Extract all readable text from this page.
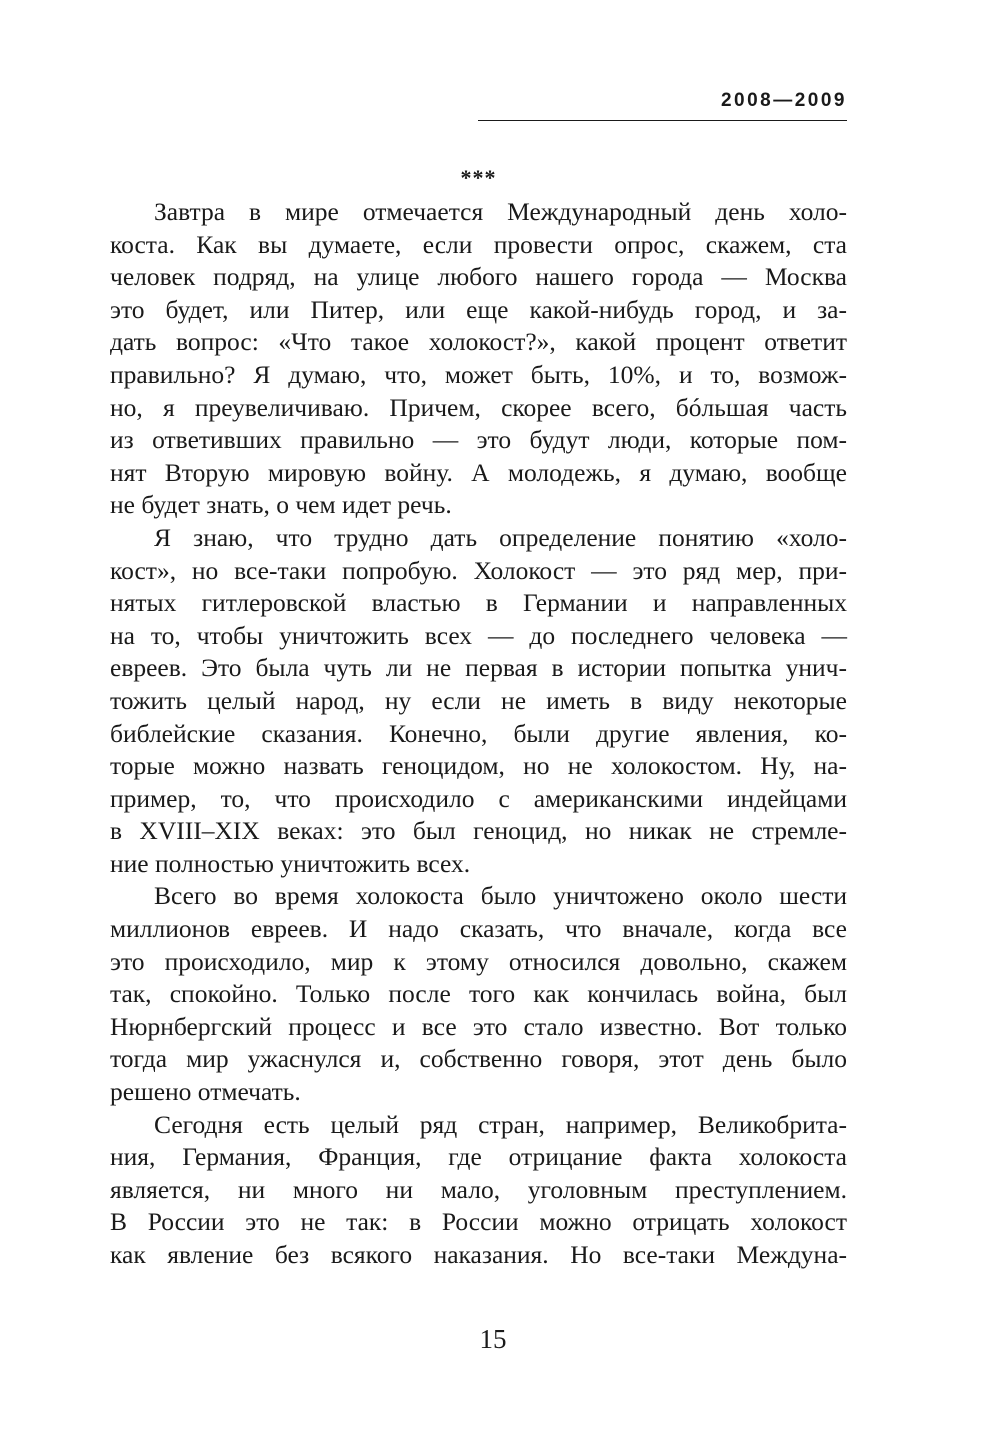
2008—2009
***
Завтра в мире отмечается Международный день холо-
коста. Как вы думаете, если провести опрос, скажем, ста
человек подряд, на улице любого нашего города — Москва
это будет, или Питер, или еще какой-нибудь город, и за-
дать вопрос: «Что такое холокост?», какой процент ответит
правильно? Я думаю, что, может быть, 10%, и то, возмож-
но, я преувеличиваю. Причем, скорее всего, бóльшая часть
из ответивших правильно — это будут люди, которые пом-
нят Вторую мировую войну. А молодежь, я думаю, вообще
не будет знать, о чем идет речь.
Я знаю, что трудно дать определение понятию «холо-
кост», но все-таки попробую. Холокост — это ряд мер, при-
нятых гитлеровской властью в Германии и направленных
на то, чтобы уничтожить всех — до последнего человека —
евреев. Это была чуть ли не первая в истории попытка унич-
тожить целый народ, ну если не иметь в виду некоторые
библейские сказания. Конечно, были другие явления, ко-
торые можно назвать геноцидом, но не холокостом. Ну, на-
пример, то, что происходило с американскими индейцами
в XVIII–XIX веках: это был геноцид, но никак не стремле-
ние полностью уничтожить всех.
Всего во время холокоста было уничтожено около шести
миллионов евреев. И надо сказать, что вначале, когда все
это происходило, мир к этому относился довольно, скажем
так, спокойно. Только после того как кончилась война, был
Нюрнбергский процесс и все это стало известно. Вот только
тогда мир ужаснулся и, собственно говоря, этот день было
решено отмечать.
Сегодня есть целый ряд стран, например, Великобрита-
ния, Германия, Франция, где отрицание факта холокоста
является, ни много ни мало, уголовным преступлением.
В России это не так: в России можно отрицать холокост
как явление без всякого наказания. Но все-таки Междуна-
15
